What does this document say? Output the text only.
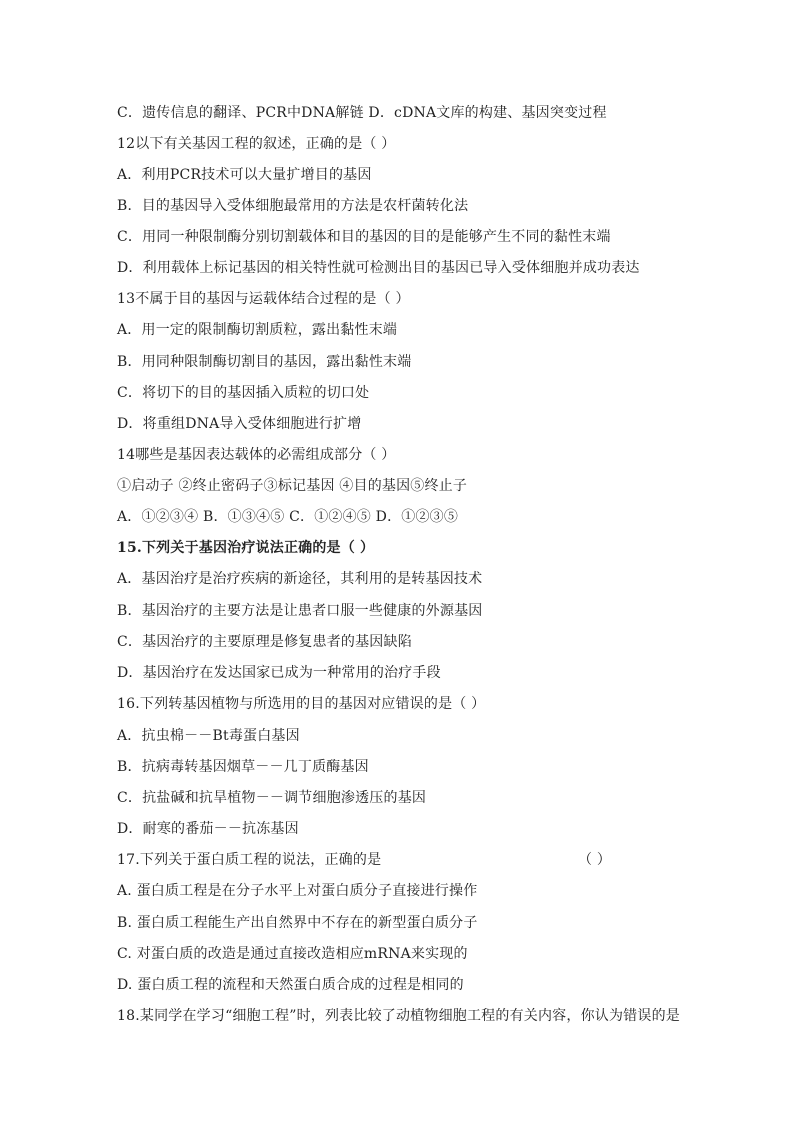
C．遗传信息的翻译、PCR中DNA解链 D．cDNA文库的构建、基因突变过程
12以下有关基因工程的叙述，正确的是（ ）
A．利用PCR技术可以大量扩增目的基因
B．目的基因导入受体细胞最常用的方法是农杆菌转化法
C．用同一种限制酶分别切割载体和目的基因的目的是能够产生不同的黏性末端
D．利用载体上标记基因的相关特性就可检测出目的基因已导入受体细胞并成功表达
13不属于目的基因与运载体结合过程的是（ ）
A．用一定的限制酶切割质粒，露出黏性末端
B．用同种限制酶切割目的基因，露出黏性末端
C．将切下的目的基因插入质粒的切口处
D．将重组DNA导入受体细胞进行扩增
14哪些是基因表达载体的必需组成部分（ ）
①启动子 ②终止密码子③标记基因 ④目的基因⑤终止子
A．①②③④ B．①③④⑤ C．①②④⑤ D．①②③⑤
15.下列关于基因治疗说法正确的是（ ）
A．基因治疗是治疗疾病的新途径，其利用的是转基因技术
B．基因治疗的主要方法是让患者口服一些健康的外源基因
C．基因治疗的主要原理是修复患者的基因缺陷
D．基因治疗在发达国家已成为一种常用的治疗手段
16.下列转基因植物与所选用的目的基因对应错误的是（ ）
A．抗虫棉－－Bt毒蛋白基因
B．抗病毒转基因烟草－－几丁质酶基因
C．抗盐碱和抗旱植物－－调节细胞渗透压的基因
D．耐寒的番茄－－抗冻基因
17.下列关于蛋白质工程的说法，正确的是	（ ）
A. 蛋白质工程是在分子水平上对蛋白质分子直接进行操作
B. 蛋白质工程能生产出自然界中不存在的新型蛋白质分子
C. 对蛋白质的改造是通过直接改造相应mRNA来实现的
D. 蛋白质工程的流程和天然蛋白质合成的过程是相同的
18.某同学在学习“细胞工程”时，列表比较了动植物细胞工程的有关内容，你认为错误的是
